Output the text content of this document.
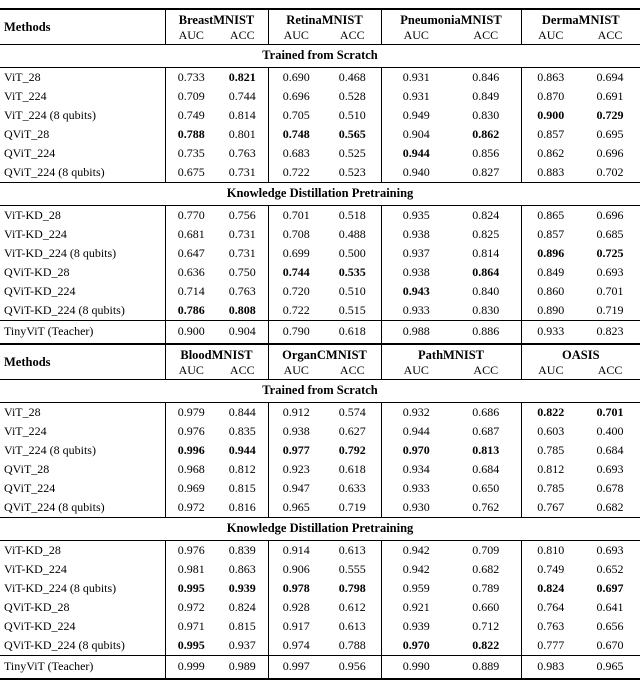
Methods	BreastMNIST		RetinaMNIST		PneumoniaMNIST		DermaMNIST	
	AUC	ACC	AUC	ACC	AUC	ACC	AUC	ACC
Trained from Scratch								
ViT_28	0.733	0.821	0.690	0.468	0.931	0.846	0.863	0.694
ViT_224	0.709	0.744	0.696	0.528	0.931	0.849	0.870	0.691
ViT_224 (8 qubits)	0.749	0.814	0.705	0.510	0.949	0.830	0.900	0.729
QViT_28	0.788	0.801	0.748	0.565	0.904	0.862	0.857	0.695
QViT_224	0.735	0.763	0.683	0.525	0.944	0.856	0.862	0.696
QViT_224 (8 qubits)	0.675	0.731	0.722	0.523	0.940	0.827	0.883	0.702
Knowledge Distillation Pretraining								
ViT-KD_28	0.770	0.756	0.701	0.518	0.935	0.824	0.865	0.696
ViT-KD_224	0.681	0.731	0.708	0.488	0.938	0.825	0.857	0.685
ViT-KD_224 (8 qubits)	0.647	0.731	0.699	0.500	0.937	0.814	0.896	0.725
QViT-KD_28	0.636	0.750	0.744	0.535	0.938	0.864	0.849	0.693
QViT-KD_224	0.714	0.763	0.720	0.510	0.943	0.840	0.860	0.701
QViT-KD_224 (8 qubits)	0.786	0.808	0.722	0.515	0.933	0.830	0.890	0.719
TinyViT (Teacher)	0.900	0.904	0.790	0.618	0.988	0.886	0.933	0.823
Methods	BloodMNIST		OrganCMNIST		PathMNIST		OASIS	
	AUC	ACC	AUC	ACC	AUC	ACC	AUC	ACC
Trained from Scratch								
ViT_28	0.979	0.844	0.912	0.574	0.932	0.686	0.822	0.701
ViT_224	0.976	0.835	0.938	0.627	0.944	0.687	0.603	0.400
ViT_224 (8 qubits)	0.996	0.944	0.977	0.792	0.970	0.813	0.785	0.684
QViT_28	0.968	0.812	0.923	0.618	0.934	0.684	0.812	0.693
QViT_224	0.969	0.815	0.947	0.633	0.933	0.650	0.785	0.678
QViT_224 (8 qubits)	0.972	0.816	0.965	0.719	0.930	0.762	0.767	0.682
Knowledge Distillation Pretraining								
ViT-KD_28	0.976	0.839	0.914	0.613	0.942	0.709	0.810	0.693
ViT-KD_224	0.981	0.863	0.906	0.555	0.942	0.682	0.749	0.652
ViT-KD_224 (8 qubits)	0.995	0.939	0.978	0.798	0.959	0.789	0.824	0.697
QViT-KD_28	0.972	0.824	0.928	0.612	0.921	0.660	0.764	0.641
QViT-KD_224	0.971	0.815	0.917	0.613	0.939	0.712	0.763	0.656
QViT-KD_224 (8 qubits)	0.995	0.937	0.974	0.788	0.970	0.822	0.777	0.670
TinyViT (Teacher)	0.999	0.989	0.997	0.956	0.990	0.889	0.983	0.965
